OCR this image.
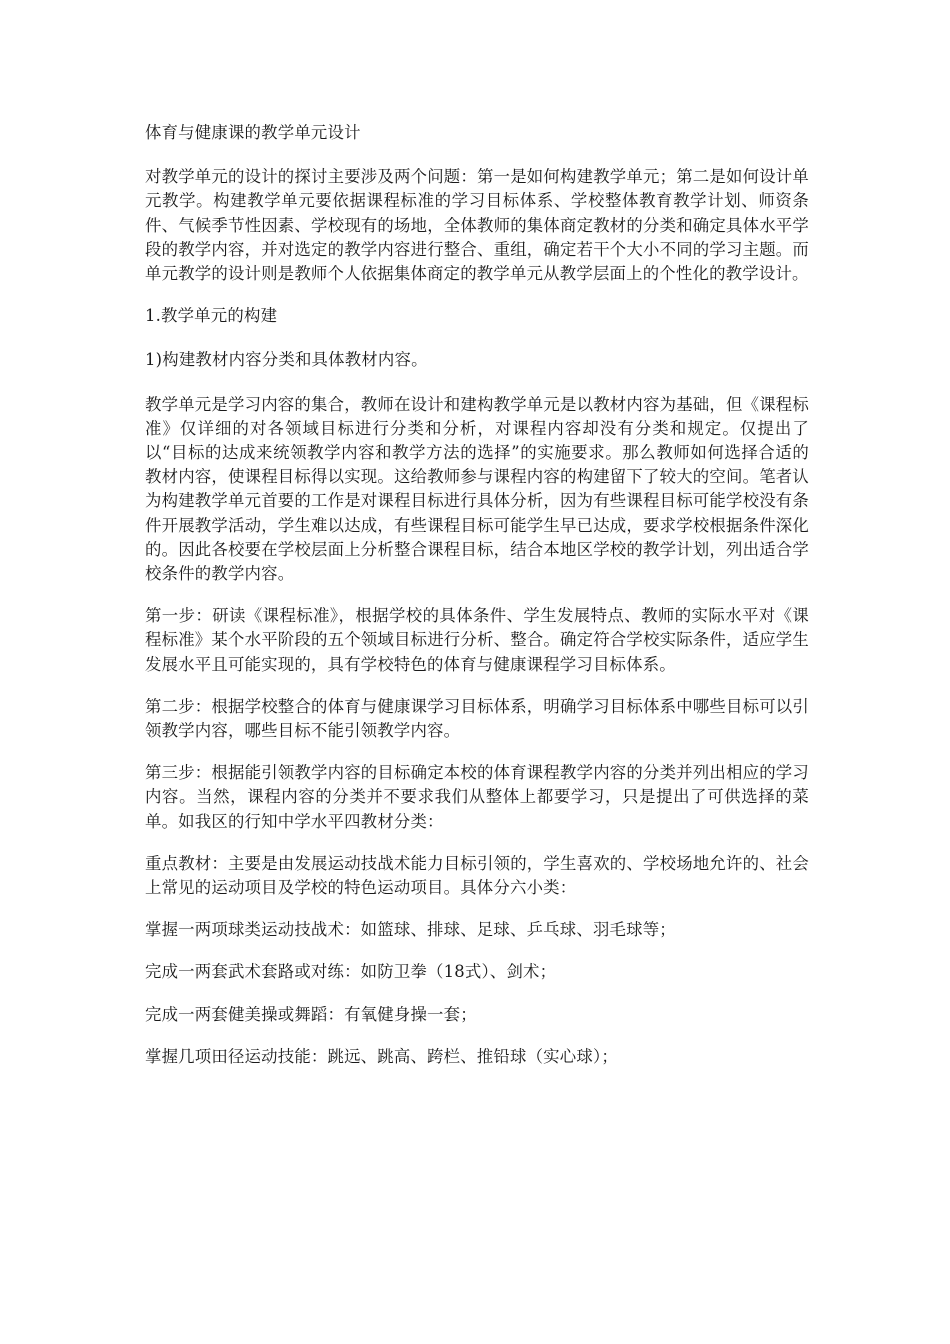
体育与健康课的教学单元设计

对教学单元的设计的探讨主要涉及两个问题：第一是如何构建教学单元；第二是如何设计单元教学。构建教学单元要依据课程标准的学习目标体系、学校整体教育教学计划、师资条件、气候季节性因素、学校现有的场地，全体教师的集体商定教材的分类和确定具体水平学段的教学内容，并对选定的教学内容进行整合、重组，确定若干个大小不同的学习主题。而单元教学的设计则是教师个人依据集体商定的教学单元从教学层面上的个性化的教学设计。

1.教学单元的构建

1)构建教材内容分类和具体教材内容。

教学单元是学习内容的集合，教师在设计和建构教学单元是以教材内容为基础，但《课程标准》仅详细的对各领域目标进行分类和分析，对课程内容却没有分类和规定。仅提出了以“目标的达成来统领教学内容和教学方法的选择”的实施要求。那么教师如何选择合适的教材内容，使课程目标得以实现。这给教师参与课程内容的构建留下了较大的空间。笔者认为构建教学单元首要的工作是对课程目标进行具体分析，因为有些课程目标可能学校没有条件开展教学活动，学生难以达成，有些课程目标可能学生早已达成，要求学校根据条件深化的。因此各校要在学校层面上分析整合课程目标，结合本地区学校的教学计划，列出适合学校条件的教学内容。

第一步：研读《课程标准》，根据学校的具体条件、学生发展特点、教师的实际水平对《课程标准》某个水平阶段的五个领域目标进行分析、整合。确定符合学校实际条件，适应学生发展水平且可能实现的，具有学校特色的体育与健康课程学习目标体系。

第二步：根据学校整合的体育与健康课学习目标体系，明确学习目标体系中哪些目标可以引领教学内容，哪些目标不能引领教学内容。

第三步：根据能引领教学内容的目标确定本校的体育课程教学内容的分类并列出相应的学习内容。当然，课程内容的分类并不要求我们从整体上都要学习，只是提出了可供选择的菜单。如我区的行知中学水平四教材分类：

重点教材：主要是由发展运动技战术能力目标引领的，学生喜欢的、学校场地允许的、社会上常见的运动项目及学校的特色运动项目。具体分六小类：

掌握一两项球类运动技战术：如篮球、排球、足球、乒乓球、羽毛球等；

完成一两套武术套路或对练：如防卫拳（18式）、剑术；

完成一两套健美操或舞蹈：有氧健身操一套；

掌握几项田径运动技能：跳远、跳高、跨栏、推铅球（实心球）；
